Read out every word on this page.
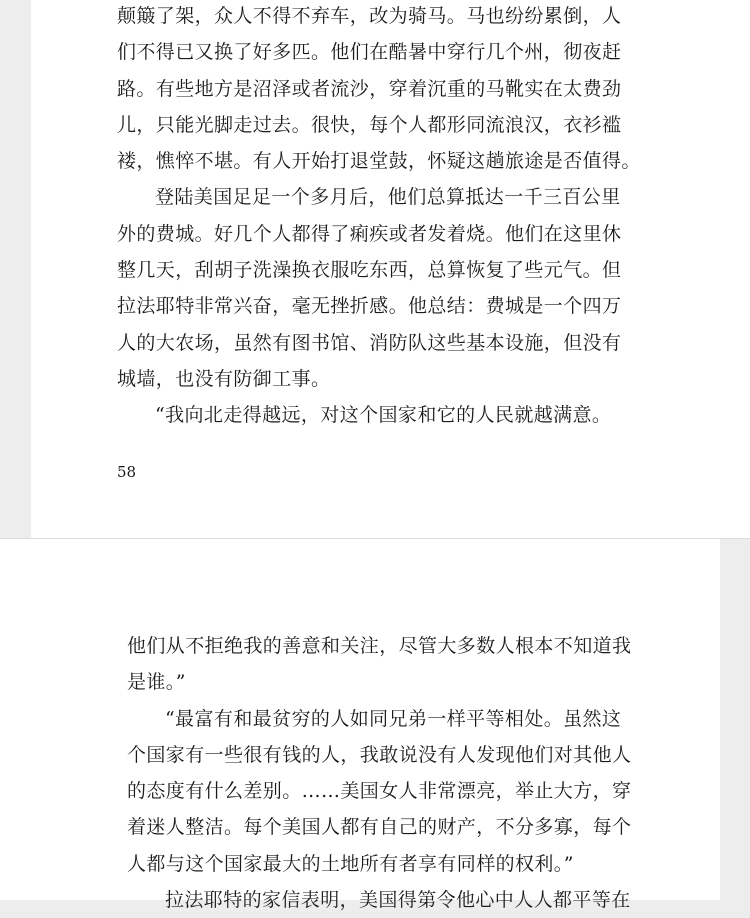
颠簸了架，众人不得不弃车，改为骑马。马也纷纷累倒，人
们不得已又换了好多匹。他们在酷暑中穿行几个州，彻夜赶
路。有些地方是沼泽或者流沙，穿着沉重的马靴实在太费劲
儿，只能光脚走过去。很快，每个人都形同流浪汉，衣衫褴
褛，憔悴不堪。有人开始打退堂鼓，怀疑这趟旅途是否值得。
登陆美国足足一个多月后，他们总算抵达一千三百公里
外的费城。好几个人都得了痢疾或者发着烧。他们在这里休
整几天，刮胡子洗澡换衣服吃东西，总算恢复了些元气。但
拉法耶特非常兴奋，毫无挫折感。他总结：费城是一个四万
人的大农场，虽然有图书馆、消防队这些基本设施，但没有
城墙，也没有防御工事。
“我向北走得越远，对这个国家和它的人民就越满意。
58
他们从不拒绝我的善意和关注，尽管大多数人根本不知道我
是谁。”
“最富有和最贫穷的人如同兄弟一样平等相处。虽然这
个国家有一些很有钱的人，我敢说没有人发现他们对其他人
的态度有什么差别。……美国女人非常漂亮，举止大方，穿
着迷人整洁。每个美国人都有自己的财产，不分多寡，每个
人都与这个国家最大的土地所有者享有同样的权利。”
拉法耶特的家信表明，美国得第令他心中人人都平等在
